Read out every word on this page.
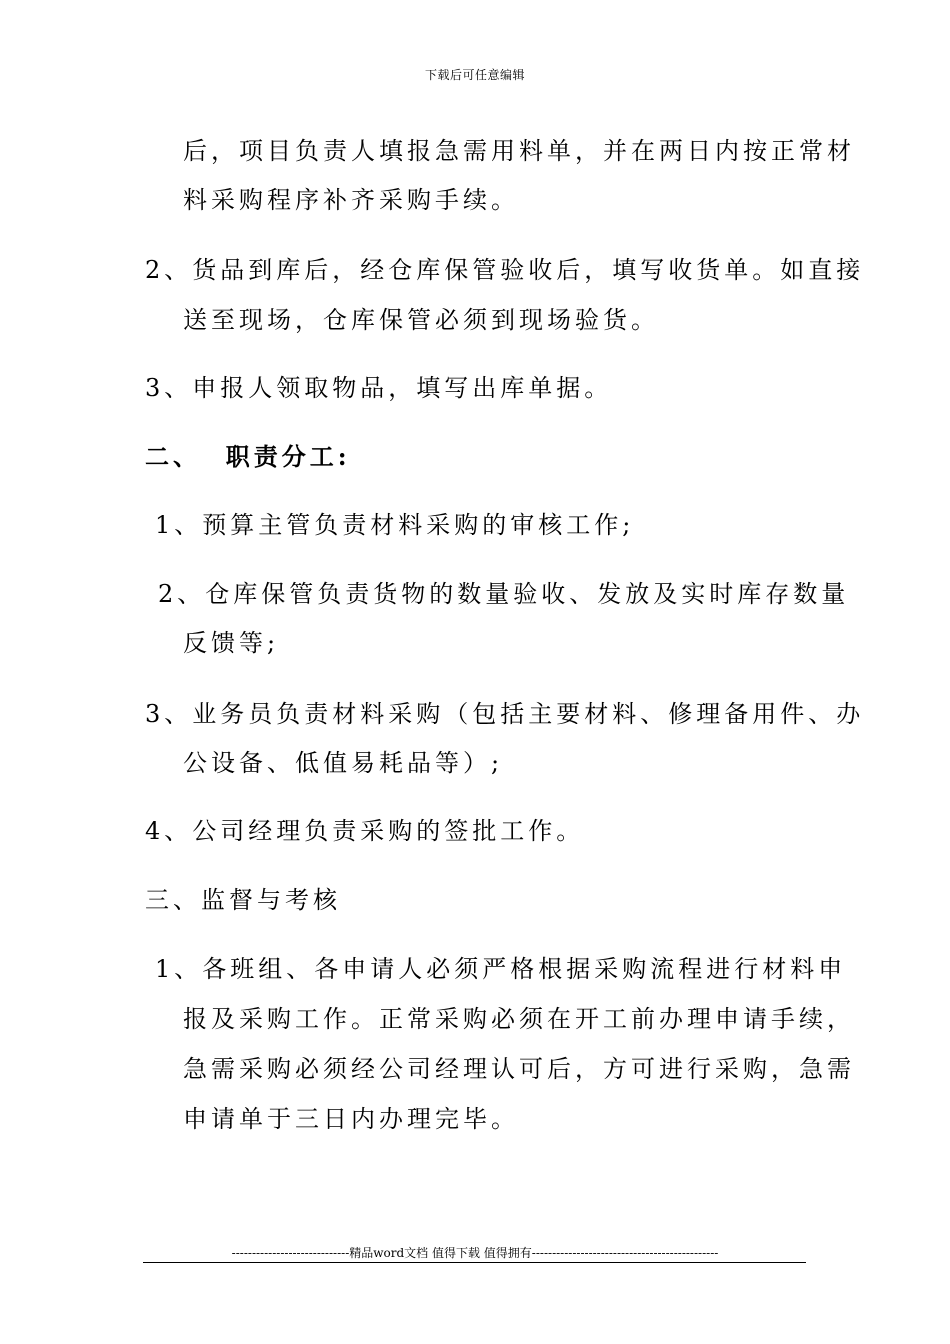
下载后可任意编辑
后，项目负责人填报急需用料单，并在两日内按正常材
料采购程序补齐采购手续。
2、货品到库后，经仓库保管验收后，填写收货单。如直接
送至现场，仓库保管必须到现场验货。
3、申报人领取物品，填写出库单据。
二、  职责分工:
1、预算主管负责材料采购的审核工作;
2、仓库保管负责货物的数量验收、发放及实时库存数量
反馈等;
3、业务员负责材料采购（包括主要材料、修理备用件、办
公设备、低值易耗品等）;
4、公司经理负责采购的签批工作。
三、监督与考核
1、各班组、各申请人必须严格根据采购流程进行材料申
报及采购工作。正常采购必须在开工前办理申请手续，
急需采购必须经公司经理认可后，方可进行采购，急需
申请单于三日内办理完毕。
-----------------------------精品word文档 值得下载 值得拥有----------------------------------------------
